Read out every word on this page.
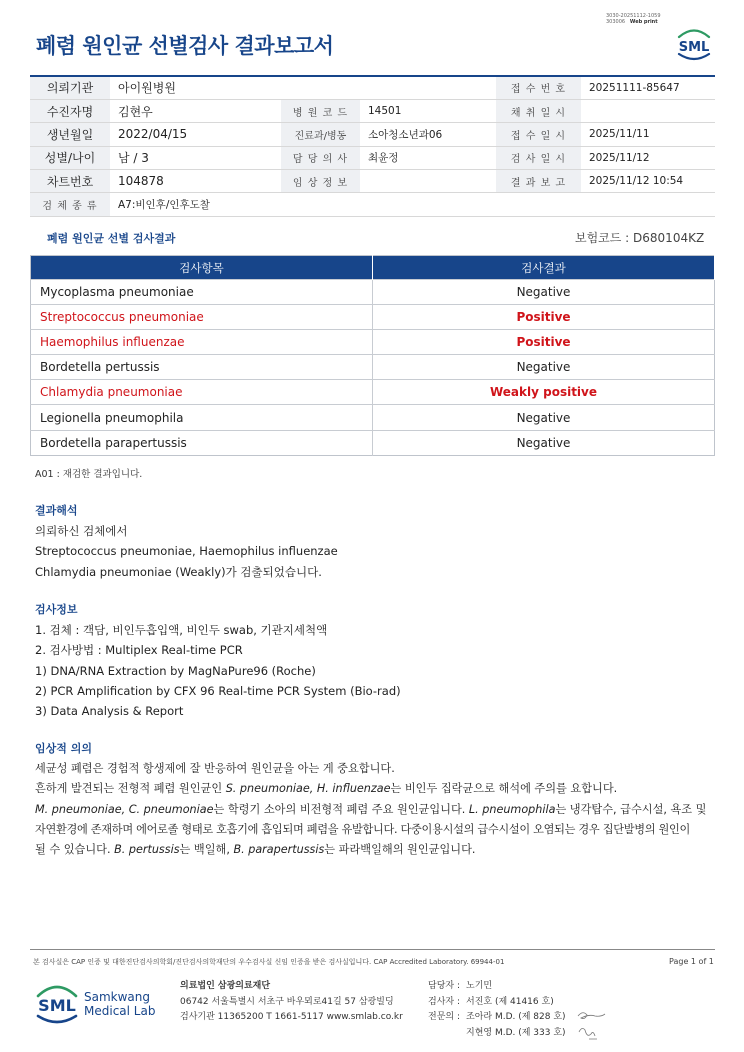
3030-20251112-1059
303006 Web print
폐렴 원인균 선별검사 결과보고서	SML
의뢰기관	아이원병원			접 수 번 호	20251111-85647
수진자명	김현우	병 원 코 드	14501	채 취 일 시	
생년월일	2022/04/15	진료과/병동	소아청소년과06	접 수 일 시	2025/11/11
성별/나이	남 / 3	담 당 의 사	최윤정	검 사 일 시	2025/11/12
차트번호	104878	임 상 정 보		결 과 보 고	2025/11/12 10:54
검 체 종 류	A7:비인후/인후도찰				
폐렴 원인균 선별 검사결과	보험코드 : D680104KZ
검사항목	검사결과
Mycoplasma pneumoniae	Negative
Streptococcus pneumoniae	Positive
Haemophilus influenzae	Positive
Bordetella pertussis	Negative
Chlamydia pneumoniae	Weakly positive
Legionella pneumophila	Negative
Bordetella parapertussis	Negative
A01 : 재검한 결과입니다.
결과해석
의뢰하신 검체에서
Streptococcus pneumoniae, Haemophilus influenzae
Chlamydia pneumoniae (Weakly)가 검출되었습니다.
검사정보
1. 검체 : 객담, 비인두흡입액, 비인두 swab, 기관지세척액
2. 검사방법 : Multiplex Real-time PCR
1) DNA/RNA Extraction by MagNaPure96 (Roche)
2) PCR Amplification by CFX 96 Real-time PCR System (Bio-rad)
3) Data Analysis & Report
임상적 의의
세균성 폐렴은 경험적 항생제에 잘 반응하여 원인균을 아는 게 중요합니다.
흔하게 발견되는 전형적 폐렴 원인균인 S. pneumoniae, H. influenzae는 비인두 집락균으로 해석에 주의를 요합니다.
M. pneumoniae, C. pneumoniae는 학령기 소아의 비전형적 폐렴 주요 원인균입니다. L. pneumophila는 냉각탑수, 급수시설, 욕조 및
자연환경에 존재하며 에어로졸 형태로 호흡기에 흡입되며 폐렴을 유발합니다. 다중이용시설의 급수시설이 오염되는 경우 집단발병의 원인이
될 수 있습니다. B. pertussis는 백일해, B. parapertussis는 파라백일해의 원인균입니다.
본 검사실은 CAP 인증 및 대한진단검사의학회/진단검사의학재단의 우수검사실 신임 인증을 받은 검사실입니다. CAP Accredited Laboratory. 69944-01	Page 1 of 1
SML Samkwang
Medical Lab
의료법인 삼광의료재단
06742 서울특별시 서초구 바우뫼로41길 57 삼광빌딩
검사기관 11365200 T 1661-5117 www.smlab.co.kr
담당자 : 노기민
검사자 : 서진호 (제 41416 호)
전문의 : 조아라 M.D. (제 828 호)
지현영 M.D. (제 333 호)
